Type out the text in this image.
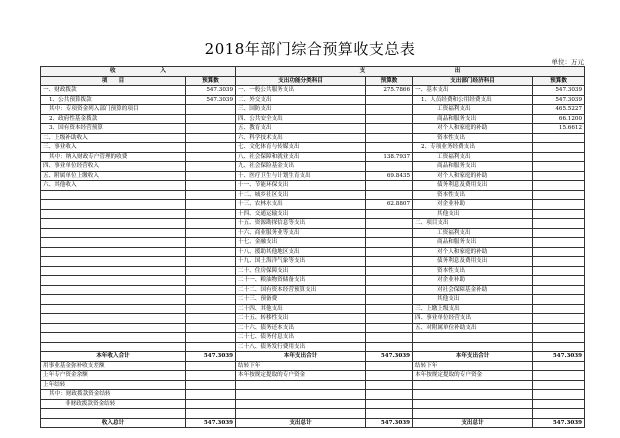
2018年部门综合预算收支总表
单位：万元
收　　　　　　　　入		支　　　　　　　　　　　　　　　　出			
项　　目	预算数	支出功能分类科目	预算数	支出部门经济科目	预算数
一、财政拨款	547.3039	一、一般公共服务支出	275.7866	一、基本支出	547.3039
1、公共预算拨款	547.3039	二、外交支出		1、人员经费和公用经费支出	547.3039
其中：专项资金列入部门预算的项目		三、国防支出		工资福利支出	465.5227
2、政府性基金拨款		四、公共安全支出		商品和服务支出	66.1200
3、国有资本经营预算		五、教育支出		对个人和家庭的补助	15.6612
二、上级补助收入		六、科学技术支出		资本性支出	
三、事业收入		七、文化体育与传媒支出		2、专项业务经费支出	
其中：纳入财政专户管理的收费		八、社会保障和就业支出	138.7937	工资福利支出	
四、事业单位经营收入		九、社会保险基金支出		商品和服务支出	
五、附属单位上缴收入		十、医疗卫生与计划生育支出	69.8435	对个人和家庭的补助	
六、其他收入		十一、节能环保支出		债务利息及费用支出	
		十二、城乡社区支出		资本性支出	
		十三、农林水支出	62.8807	对企业补助	
		十四、交通运输支出		其他支出	
		十五、资源勘探信息等支出		二、项目支出	
		十六、商业服务业等支出		工资福利支出	
		十七、金融支出		商品和服务支出	
		十八、援助其他地区支出		对个人和家庭的补助	
		十九、国土海洋气象等支出		债务利息及费用支出	
		二十、住房保障支出		资本性支出	
		二十一、粮油物资储备支出		对企业补助	
		二十二、国有资本经营预算支出		对社会保障基金补助	
		二十三、预备费		其他支出	
		二十四、其他支出		三、上缴上级支出	
		二十五、转移性支出		四、事业单位经营支出	
		二十六、债务还本支出		五、对附属单位补助支出	
		二十七、债务付息支出			
		二十八、债务发行费用支出			
本年收入合计	547.3039	本年支出合计	547.3039	本年支出合计	547.3039
用事业基金弥补收支差额		结转下年		结转下年	
上年专户资金余额		本年按规定提取的专户资金		本年按规定提取的专户资金	
上年结转					
其中：财政拨款资金结转					
非财政拨款资金结转					

收入总计	547.3039	支出总计	547.3039	支出总计	547.3039
